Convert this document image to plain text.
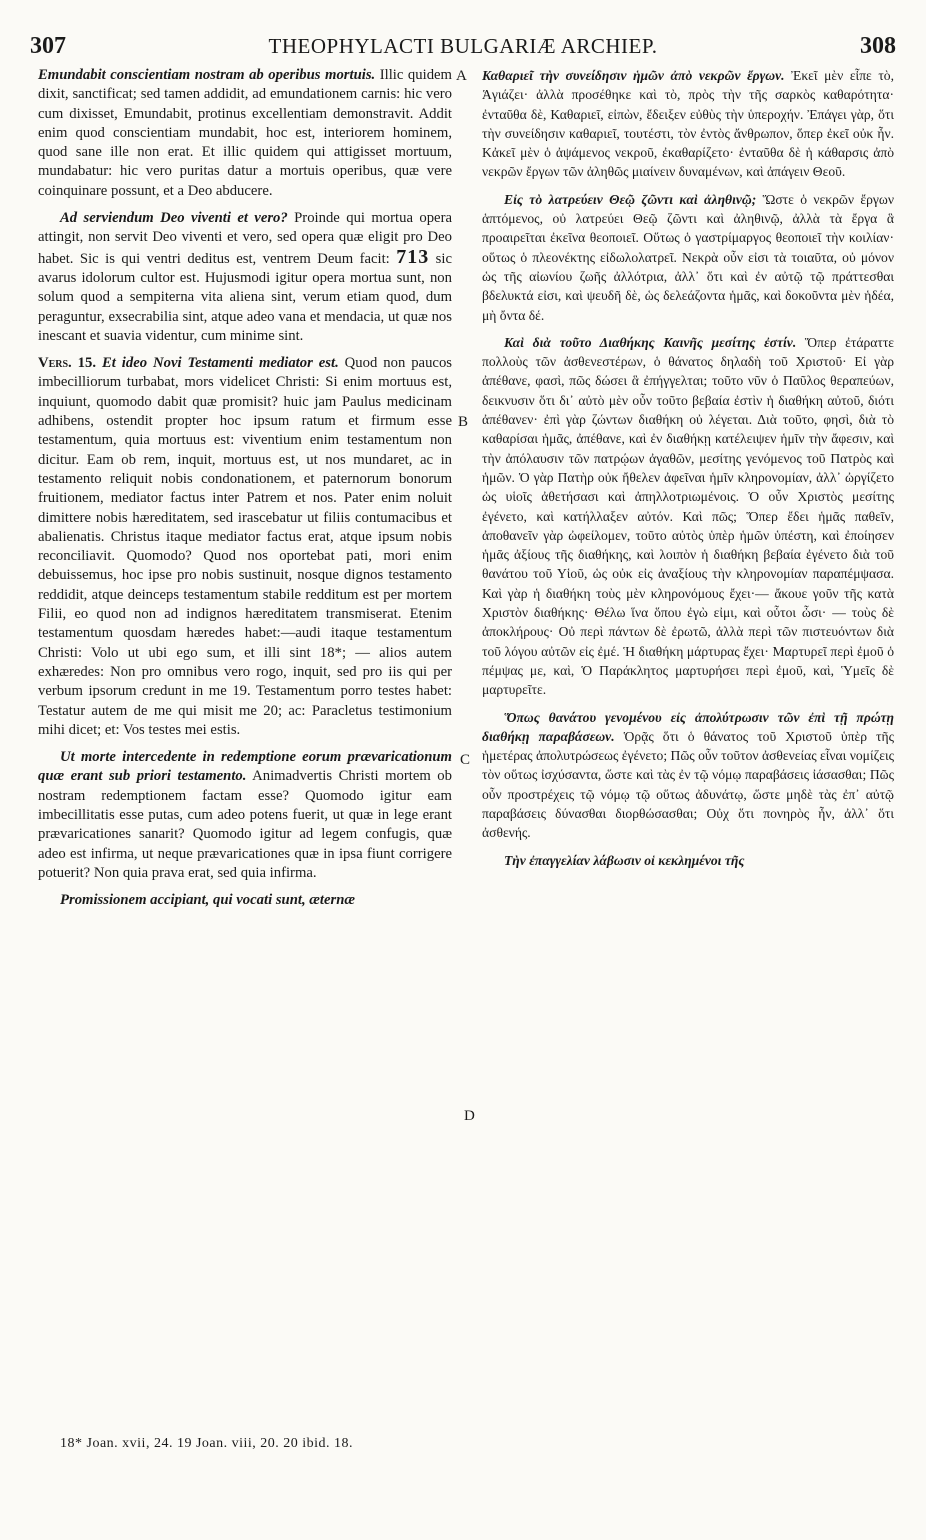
307	THEOPHYLACTI BULGARIÆ ARCHIEP.	308

Emundabit conscientiam nostram ab operibus mortuis. Illic quidem dixit, sanctificat; sed tamen addidit, ad emundationem carnis: hic vero cum dixisset, Emundabit, protinus excellentiam demonstravit. Addit enim quod conscientiam mundabit, hoc est, interiorem hominem, quod sane ille non erat. Et illic quidem qui attigisset mortuum, mundabatur: hic vero puritas datur a mortuis operibus, quæ vere coinquinare possunt, et a Deo abducere.

Ad serviendum Deo viventi et vero? Proinde qui mortua opera attingit, non servit Deo viventi et vero, sed opera quæ eligit pro Deo habet. Sic is qui ventri deditus est, ventrem Deum facit: 713 sic avarus idolorum cultor est. Hujusmodi igitur opera mortua sunt, non solum quod a sempiterna vita aliena sint, verum etiam quod, dum peraguntur, exsecrabilia sint, atque adeo vana et mendacia, ut quæ nos inescant et suavia videntur, cum minime sint.

Vers. 15. Et ideo Novi Testamenti mediator est. Quod non paucos imbecilliorum turbabat, mors videlicet Christi: Si enim mortuus est, inquiunt, quomodo dabit quæ promisit? huic jam Paulus medicinam adhibens, ostendit propter hoc ipsum ratum et firmum esse testamentum, quia mortuus est: viventium enim testamentum non dicitur. Eam ob rem, inquit, mortuus est, ut nos mundaret, ac in testamento reliquit nobis condonationem, et paternorum bonorum fruitionem, mediator factus inter Patrem et nos. Pater enim noluit dimittere nobis hæreditatem, sed irascebatur ut filiis contumacibus et abalienatis. Christus itaque mediator factus erat, atque ipsum nobis reconciliavit. Quomodo? Quod nos oportebat pati, mori enim debuissemus, hoc ipse pro nobis sustinuit, nosque dignos testamento reddidit, atque deinceps testamentum stabile redditum est per mortem Filii, eo quod non ad indignos hæreditatem transmiserat. Etenim testamentum quosdam hæredes habet:—audi itaque testamentum Christi: Volo ut ubi ego sum, et illi sint 18*; — alios autem exhæredes: Non pro omnibus vero rogo, inquit, sed pro iis qui per verbum ipsorum credunt in me 19. Testamentum porro testes habet: Testatur autem de me qui misit me 20; ac: Paracletus testimonium mihi dicet; et: Vos testes mei estis.

Ut morte intercedente in redemptione eorum prævaricationum quæ erant sub priori testamento. Animadvertis Christi mortem ob nostram redemptionem factam esse? Quomodo igitur eam imbecillitatis esse putas, cum adeo potens fuerit, ut quæ in lege erant prævaricationes sanarit? Quomodo igitur ad legem confugis, quæ adeo est infirma, ut neque prævaricationes quæ in ipsa fiunt corrigere potuerit? Non quia prava erat, sed quia infirma.

Promissionem accipiant, qui vocati sunt, æternæ

A
B
C
D

Καθαριεῖ τὴν συνείδησιν ἡμῶν ἀπὸ νεκρῶν ἔργων. Ἐκεῖ μὲν εἶπε τὸ, Ἁγιάζει· ἀλλὰ προσέθηκε καὶ τὸ, πρὸς τὴν τῆς σαρκὸς καθαρότητα· ἐνταῦθα δὲ, Καθαριεῖ, εἰπὼν, ἔδειξεν εὐθὺς τὴν ὑπεροχήν. Ἐπάγει γὰρ, ὅτι τὴν συνείδησιν καθαριεῖ, τουτέστι, τὸν ἐντὸς ἄνθρωπον, ὅπερ ἐκεῖ οὐκ ἦν. Κἀκεῖ μὲν ὁ ἀψάμενος νεκροῦ, ἐκαθαρίζετο· ἐνταῦθα δὲ ἡ κάθαρσις ἀπὸ νεκρῶν ἔργων τῶν ἀληθῶς μιαίνειν δυναμένων, καὶ ἀπάγειν Θεοῦ.

Εἰς τὸ λατρεύειν Θεῷ ζῶντι καὶ ἀληθινῷ; Ὥστε ὁ νεκρῶν ἔργων ἁπτόμενος, οὐ λατρεύει Θεῷ ζῶντι καὶ ἀληθινῷ, ἀλλὰ τὰ ἔργα ἃ προαιρεῖται ἐκεῖνα θεοποιεῖ. Οὕτως ὁ γαστρίμαργος θεοποιεῖ τὴν κοιλίαν· οὕτως ὁ πλεονέκτης εἰδωλολατρεῖ. Νεκρὰ οὖν εἰσι τὰ τοιαῦτα, οὐ μόνον ὡς τῆς αἰωνίου ζωῆς ἀλλότρια, ἀλλ᾿ ὅτι καὶ ἐν αὐτῷ τῷ πράττεσθαι βδελυκτά εἰσι, καὶ ψευδῆ δὲ, ὡς δελεάζοντα ἡμᾶς, καὶ δοκοῦντα μὲν ἡδέα, μὴ ὄντα δέ.

Καὶ διὰ τοῦτο Διαθήκης Καινῆς μεσίτης ἐστίν. Ὅπερ ἐτάραττε πολλοὺς τῶν ἀσθενεστέρων, ὁ θάνατος δηλαδὴ τοῦ Χριστοῦ· Εἰ γὰρ ἀπέθανε, φασὶ, πῶς δώσει ἃ ἐπήγγελται; τοῦτο νῦν ὁ Παῦλος θεραπεύων, δεικνυσιν ὅτι δι᾿ αὐτὸ μὲν οὖν τοῦτο βεβαία ἐστὶν ἡ διαθήκη αὐτοῦ, διότι ἀπέθανεν· ἐπὶ γὰρ ζώντων διαθήκη οὐ λέγεται. Διὰ τοῦτο, φησὶ, διὰ τὸ καθαρίσαι ἡμᾶς, ἀπέθανε, καὶ ἐν διαθήκῃ κατέλειψεν ἡμῖν τὴν ἄφεσιν, καὶ τὴν ἀπόλαυσιν τῶν πατρῴων ἀγαθῶν, μεσίτης γενόμενος τοῦ Πατρὸς καὶ ἡμῶν. Ὁ γὰρ Πατὴρ οὐκ ἤθελεν ἀφεῖναι ἡμῖν κληρονομίαν, ἀλλ᾿ ὠργίζετο ὡς υἱοῖς ἀθετήσασι καὶ ἀπηλλοτριωμένοις. Ὁ οὖν Χριστὸς μεσίτης ἐγένετο, καὶ κατήλλαξεν αὐτόν. Καὶ πῶς; Ὅπερ ἔδει ἡμᾶς παθεῖν, ἀποθανεῖν γὰρ ὠφείλομεν, τοῦτο αὐτὸς ὑπὲρ ἡμῶν ὑπέστη, καὶ ἐποίησεν ἡμᾶς ἀξίους τῆς διαθήκης, καὶ λοιπὸν ἡ διαθήκη βεβαία ἐγένετο διὰ τοῦ θανάτου τοῦ Υἱοῦ, ὡς οὐκ εἰς ἀναξίους τὴν κληρονομίαν παραπέμψασα. Καὶ γὰρ ἡ διαθήκη τοὺς μὲν κληρονόμους ἔχει·— ἄκουε γοῦν τῆς κατὰ Χριστὸν διαθήκης· Θέλω ἵνα ὅπου ἐγὼ εἰμι, καὶ οὗτοι ὦσι· — τοὺς δὲ ἀποκλήρους· Οὐ περὶ πάντων δὲ ἐρωτῶ, ἀλλὰ περὶ τῶν πιστευόντων διὰ τοῦ λόγου αὐτῶν εἰς ἐμέ. Ἡ διαθήκη μάρτυρας ἔχει· Μαρτυρεῖ περὶ ἐμοῦ ὁ πέμψας με, καὶ, Ὁ Παράκλητος μαρτυρήσει περὶ ἐμοῦ, καὶ, Ὑμεῖς δὲ μαρτυρεῖτε.

Ὅπως θανάτου γενομένου εἰς ἀπολύτρωσιν τῶν ἐπὶ τῇ πρώτῃ διαθήκῃ παραβάσεων. Ὁρᾷς ὅτι ὁ θάνατος τοῦ Χριστοῦ ὑπὲρ τῆς ἡμετέρας ἀπολυτρώσεως ἐγένετο; Πῶς οὖν τοῦτον ἀσθενείας εἶναι νομίζεις τὸν οὕτως ἰσχύσαντα, ὥστε καὶ τὰς ἐν τῷ νόμῳ παραβάσεις ἰάσασθαι; Πῶς οὖν προστρέχεις τῷ νόμῳ τῷ οὕτως ἀδυνάτῳ, ὥστε μηδὲ τὰς ἐπ᾿ αὐτῷ παραβάσεις δύνασθαι διορθώσασθαι; Οὐχ ὅτι πονηρὸς ἦν, ἀλλ᾿ ὅτι ἀσθενής.

Τὴν ἐπαγγελίαν λάβωσιν οἱ κεκλημένοι τῆς

18* Joan. xvii, 24. 19 Joan. viii, 20. 20 ibid. 18.
